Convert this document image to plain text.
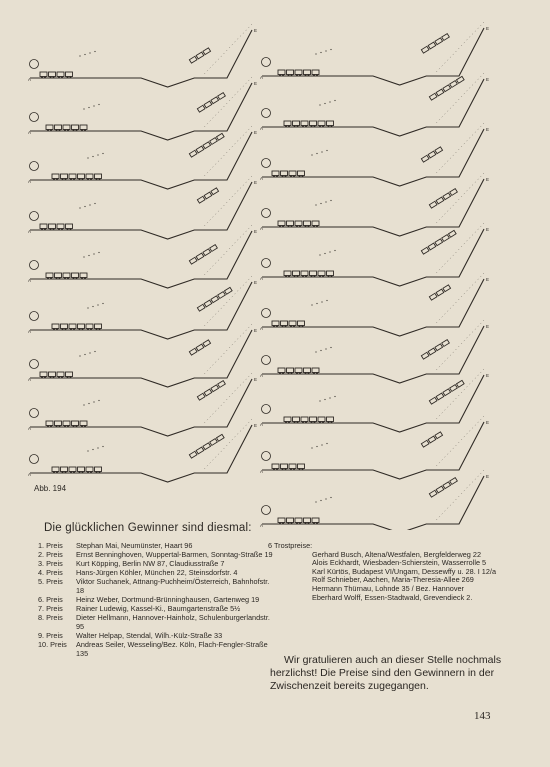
A
E
A
E
A
E
A
E
A
E
A
E
A
E
A
E
A
E
A
E
A
E
A
E
A
E
A
E
A
E
A
E
A
E
A
E
A
E
Abb. 194
Die glücklichen Gewinner sind diesmal:
1. Preis	Stephan Mai, Neumünster, Haart 96
2. Preis	Ernst Benninghoven, Wuppertal-Barmen, Sonntag-Straße 19
3. Preis	Kurt Köpping, Berlin NW 87, Claudiusstraße 7
4. Preis	Hans-Jürgen Köhler, München 22, Steinsdorfstr. 4
5. Preis	Viktor Suchanek, Attnang-Puchheim/Österreich, Bahnhofstr. 18
6. Preis	Heinz Weber, Dortmund-Brünninghausen, Gartenweg 19
7. Preis	Rainer Ludewig, Kassel-Ki., Baumgartenstraße 5½
8. Preis	Dieter Hellmann, Hannover-Hainholz, Schulenburgerlandstr. 95
9. Preis	Walter Helpap, Stendal, Wilh.-Külz-Straße 33
10. Preis	Andreas Seiler, Wesseling/Bez. Köln, Flach-Fengler-Straße 135
6 Trostpreise:
Gerhard Busch, Altena/Westfalen, Bergfelderweg 22
Alois Eckhardt, Wiesbaden-Schierstein, Wasserrolle 5
Karl Kürtös, Budapest VI/Ungarn, Dessewffy u. 28. I 12/a
Rolf Schnieber, Aachen, Maria-Theresia-Allee 269
Hermann Thürnau, Lohnde 35 / Bez. Hannover
Eberhard Wolff, Essen-Stadtwald, Grevendieck 2.
Wir gratulieren auch an dieser Stelle nochmals herzlichst! Die Preise sind den Gewinnern in der Zwischenzeit bereits zugegangen.
143
